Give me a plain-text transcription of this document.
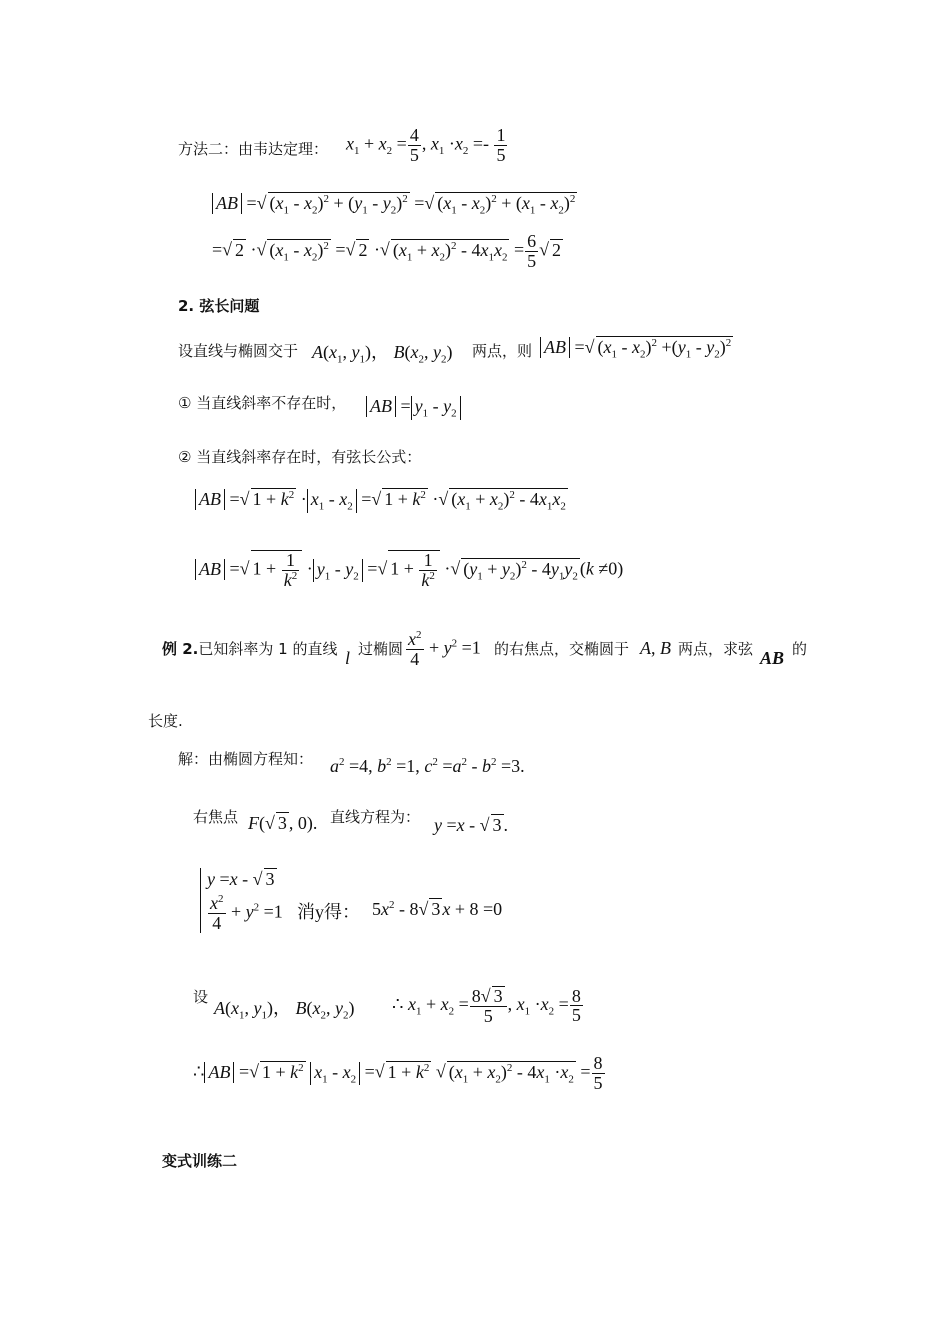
方法二：由韦达定理： $x_1 + x_2 = \frac{4}{5}$ , $x_1 \cdot x_2 =- \frac{1}{5}$
AB =√ $(x_1 - x_2)^2 + (y_1 - y_2)^2$ =√ $(x_1 - x_2)^2 + (x_1 - x_2)^2$
=√ 2 ·√ $(x_1 - x_2)^2$ =√ 2 ·√ $(x_1 + x_2)^2 - 4x_1x_2 = \frac{6}{5}$ √ 2
2. 弦长问题
设直线与椭圆交于 $A(x_1$, $y_1$)， $B(x_2$, $y_2$) 两点，则 AB =√ $(x_1 - x_2)^2 +(y_1 - y_2)^2$
① 当直线斜率不存在时， AB = $y_1 - y_2$
② 当直线斜率存在时，有弦长公式：
AB =√ $1 + k^2 \cdot x_1 - x_2$ =√ $1 + k^2$ ·√ $(x_1 + x_2)^2 - 4x_1x_2$
AB =√ $1 + \frac{1}{k^2} \cdot y_1 - y_2$ =√ $1 + \frac{1}{k^2}$ ·√ $(y_1 + y_2)^2 - 4y_1y_2$ (k ≠0)
例 2.已知斜率为 1 的直线 l 过椭圆 $\frac{x^2}{4} + y^2 =1$ 的右焦点，交椭圆于 A, B 两点，求弦 AB 的
长度.
解：由椭圆方程知： $a^2 =4$, $b^2 =1$, $c^2 =a^2 - b^2 =3$.
右焦点 F(√ 3 , 0). 直线方程为： y =x - √ 3 .
y =x - √ 3
$\frac{x^2}{4} + y^2 =1$ 消y得： $5x^2 - 8√$ 3 x + 8 =0
设
$A(x_1$, $y_1$)， $B(x_2$, $y_2$) ∴ $x_1 + x_2 = \frac{8√ 3}{5}$ , $x_1 \cdot x_2 = \frac{8}{5}$
∴ AB =√ $1 + k^2$ $x_1 - x_2$ =√ $1 + k^2$ √ $(x_1 + x_2)^2 - 4x_1 \cdot x_2 = \frac{8}{5}$
变式训练二
